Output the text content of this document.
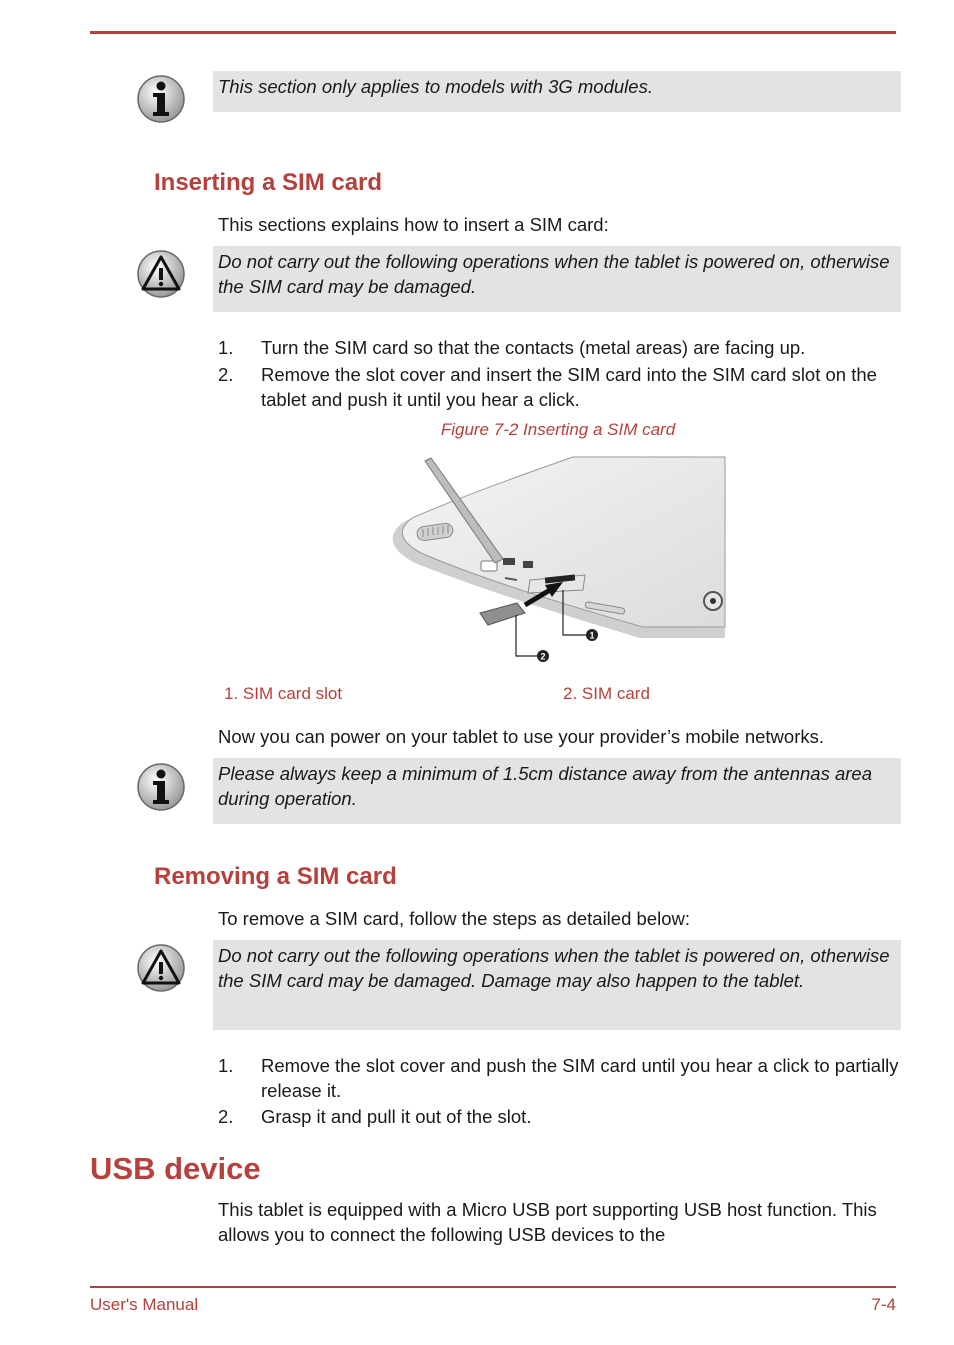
This section only applies to models with 3G modules.
Inserting a SIM card
This sections explains how to insert a SIM card:
Do not carry out the following operations when the tablet is powered on, otherwise the SIM card may be damaged.
1. Turn the SIM card so that the contacts (metal areas) are facing up.
2. Remove the slot cover and insert the SIM card into the SIM card slot on the tablet and push it until you hear a click.
Figure 7-2 Inserting a SIM card
1
2
1. SIM card slot	2. SIM card
Now you can power on your tablet to use your provider’s mobile networks.
Please always keep a minimum of 1.5cm distance away from the antennas area during operation.
Removing a SIM card
To remove a SIM card, follow the steps as detailed below:
Do not carry out the following operations when the tablet is powered on, otherwise the SIM card may be damaged. Damage may also happen to the tablet.
1. Remove the slot cover and push the SIM card until you hear a click to partially release it.
2. Grasp it and pull it out of the slot.
USB device
This tablet is equipped with a Micro USB port supporting USB host function. This allows you to connect the following USB devices to the
User's Manual	7-4
